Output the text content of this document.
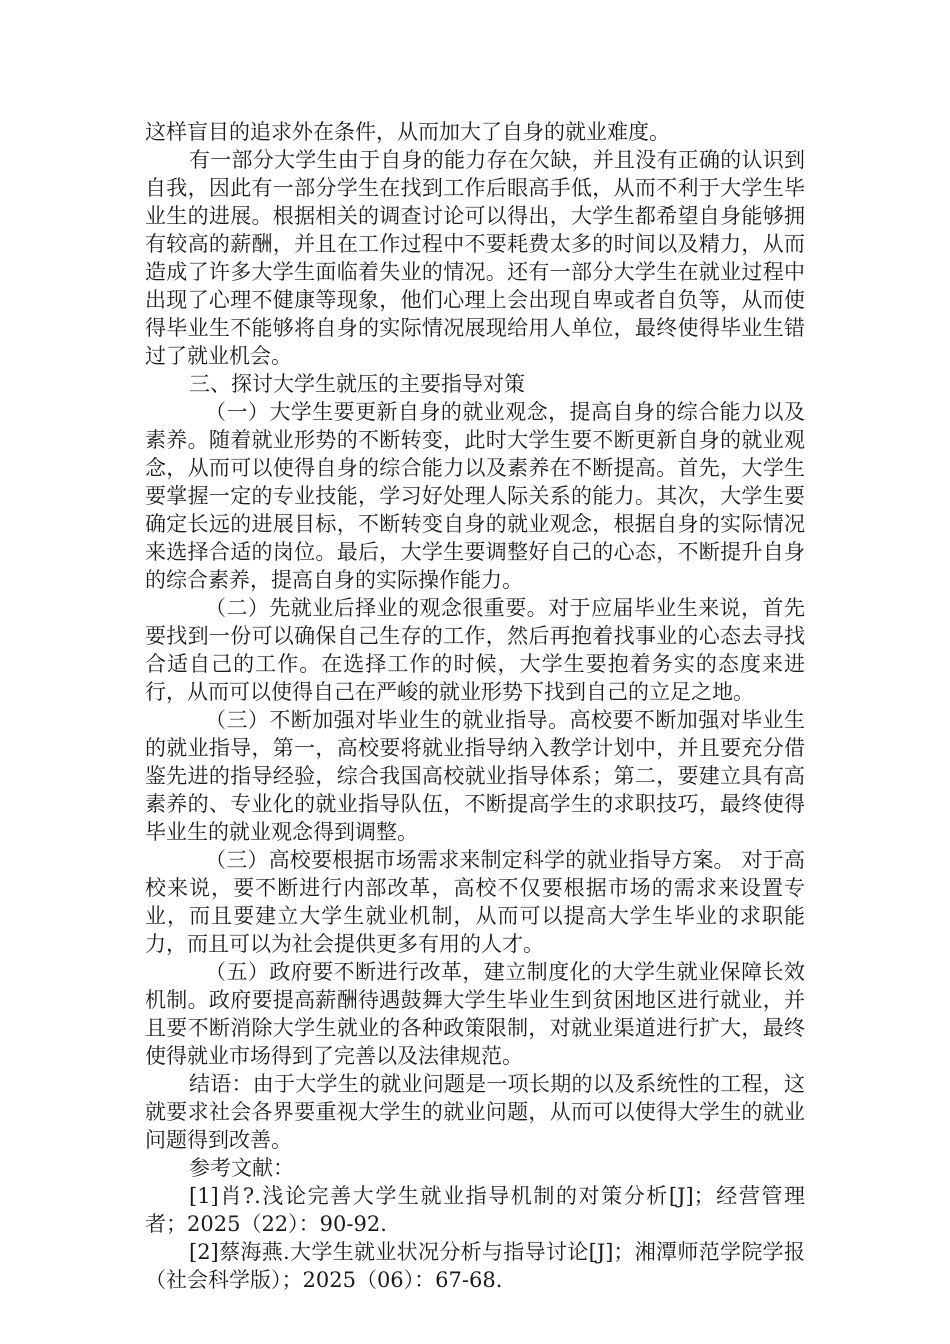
这样盲目的追求外在条件，从而加大了自身的就业难度。

有一部分大学生由于自身的能力存在欠缺，并且没有正确的认识到自我，因此有一部分学生在找到工作后眼高手低，从而不利于大学生毕业生的进展。根据相关的调查讨论可以得出，大学生都希望自身能够拥有较高的薪酬，并且在工作过程中不要耗费太多的时间以及精力，从而造成了许多大学生面临着失业的情况。还有一部分大学生在就业过程中出现了心理不健康等现象，他们心理上会出现自卑或者自负等，从而使得毕业生不能够将自身的实际情况展现给用人单位，最终使得毕业生错过了就业机会。

三、探讨大学生就压的主要指导对策

（一）大学生要更新自身的就业观念，提高自身的综合能力以及素养。随着就业形势的不断转变，此时大学生要不断更新自身的就业观念，从而可以使得自身的综合能力以及素养在不断提高。首先，大学生要掌握一定的专业技能，学习好处理人际关系的能力。其次，大学生要确定长远的进展目标，不断转变自身的就业观念，根据自身的实际情况来选择合适的岗位。最后，大学生要调整好自己的心态，不断提升自身的综合素养，提高自身的实际操作能力。

（二）先就业后择业的观念很重要。对于应届毕业生来说，首先要找到一份可以确保自己生存的工作，然后再抱着找事业的心态去寻找合适自己的工作。在选择工作的时候，大学生要抱着务实的态度来进行，从而可以使得自己在严峻的就业形势下找到自己的立足之地。

（三）不断加强对毕业生的就业指导。高校要不断加强对毕业生的就业指导，第一，高校要将就业指导纳入教学计划中，并且要充分借鉴先进的指导经验，综合我国高校就业指导体系；第二，要建立具有高素养的、专业化的就业指导队伍，不断提高学生的求职技巧，最终使得毕业生的就业观念得到调整。

（三）高校要根据市场需求来制定科学的就业指导方案。 对于高校来说，要不断进行内部改革，高校不仅要根据市场的需求来设置专业，而且要建立大学生就业机制，从而可以提高大学生毕业的求职能力，而且可以为社会提供更多有用的人才。

（五）政府要不断进行改革，建立制度化的大学生就业保障长效机制。政府要提高薪酬待遇鼓舞大学生毕业生到贫困地区进行就业，并且要不断消除大学生就业的各种政策限制，对就业渠道进行扩大，最终使得就业市场得到了完善以及法律规范。

结语：由于大学生的就业问题是一项长期的以及系统性的工程，这就要求社会各界要重视大学生的就业问题，从而可以使得大学生的就业问题得到改善。

参考文献：

[1]肖?.浅论完善大学生就业指导机制的对策分析[J]；经营管理者；2025（22）：90-92.

[2]蔡海燕.大学生就业状况分析与指导讨论[J]；湘潭师范学院学报（社会科学版）；2025（06）：67-68.
